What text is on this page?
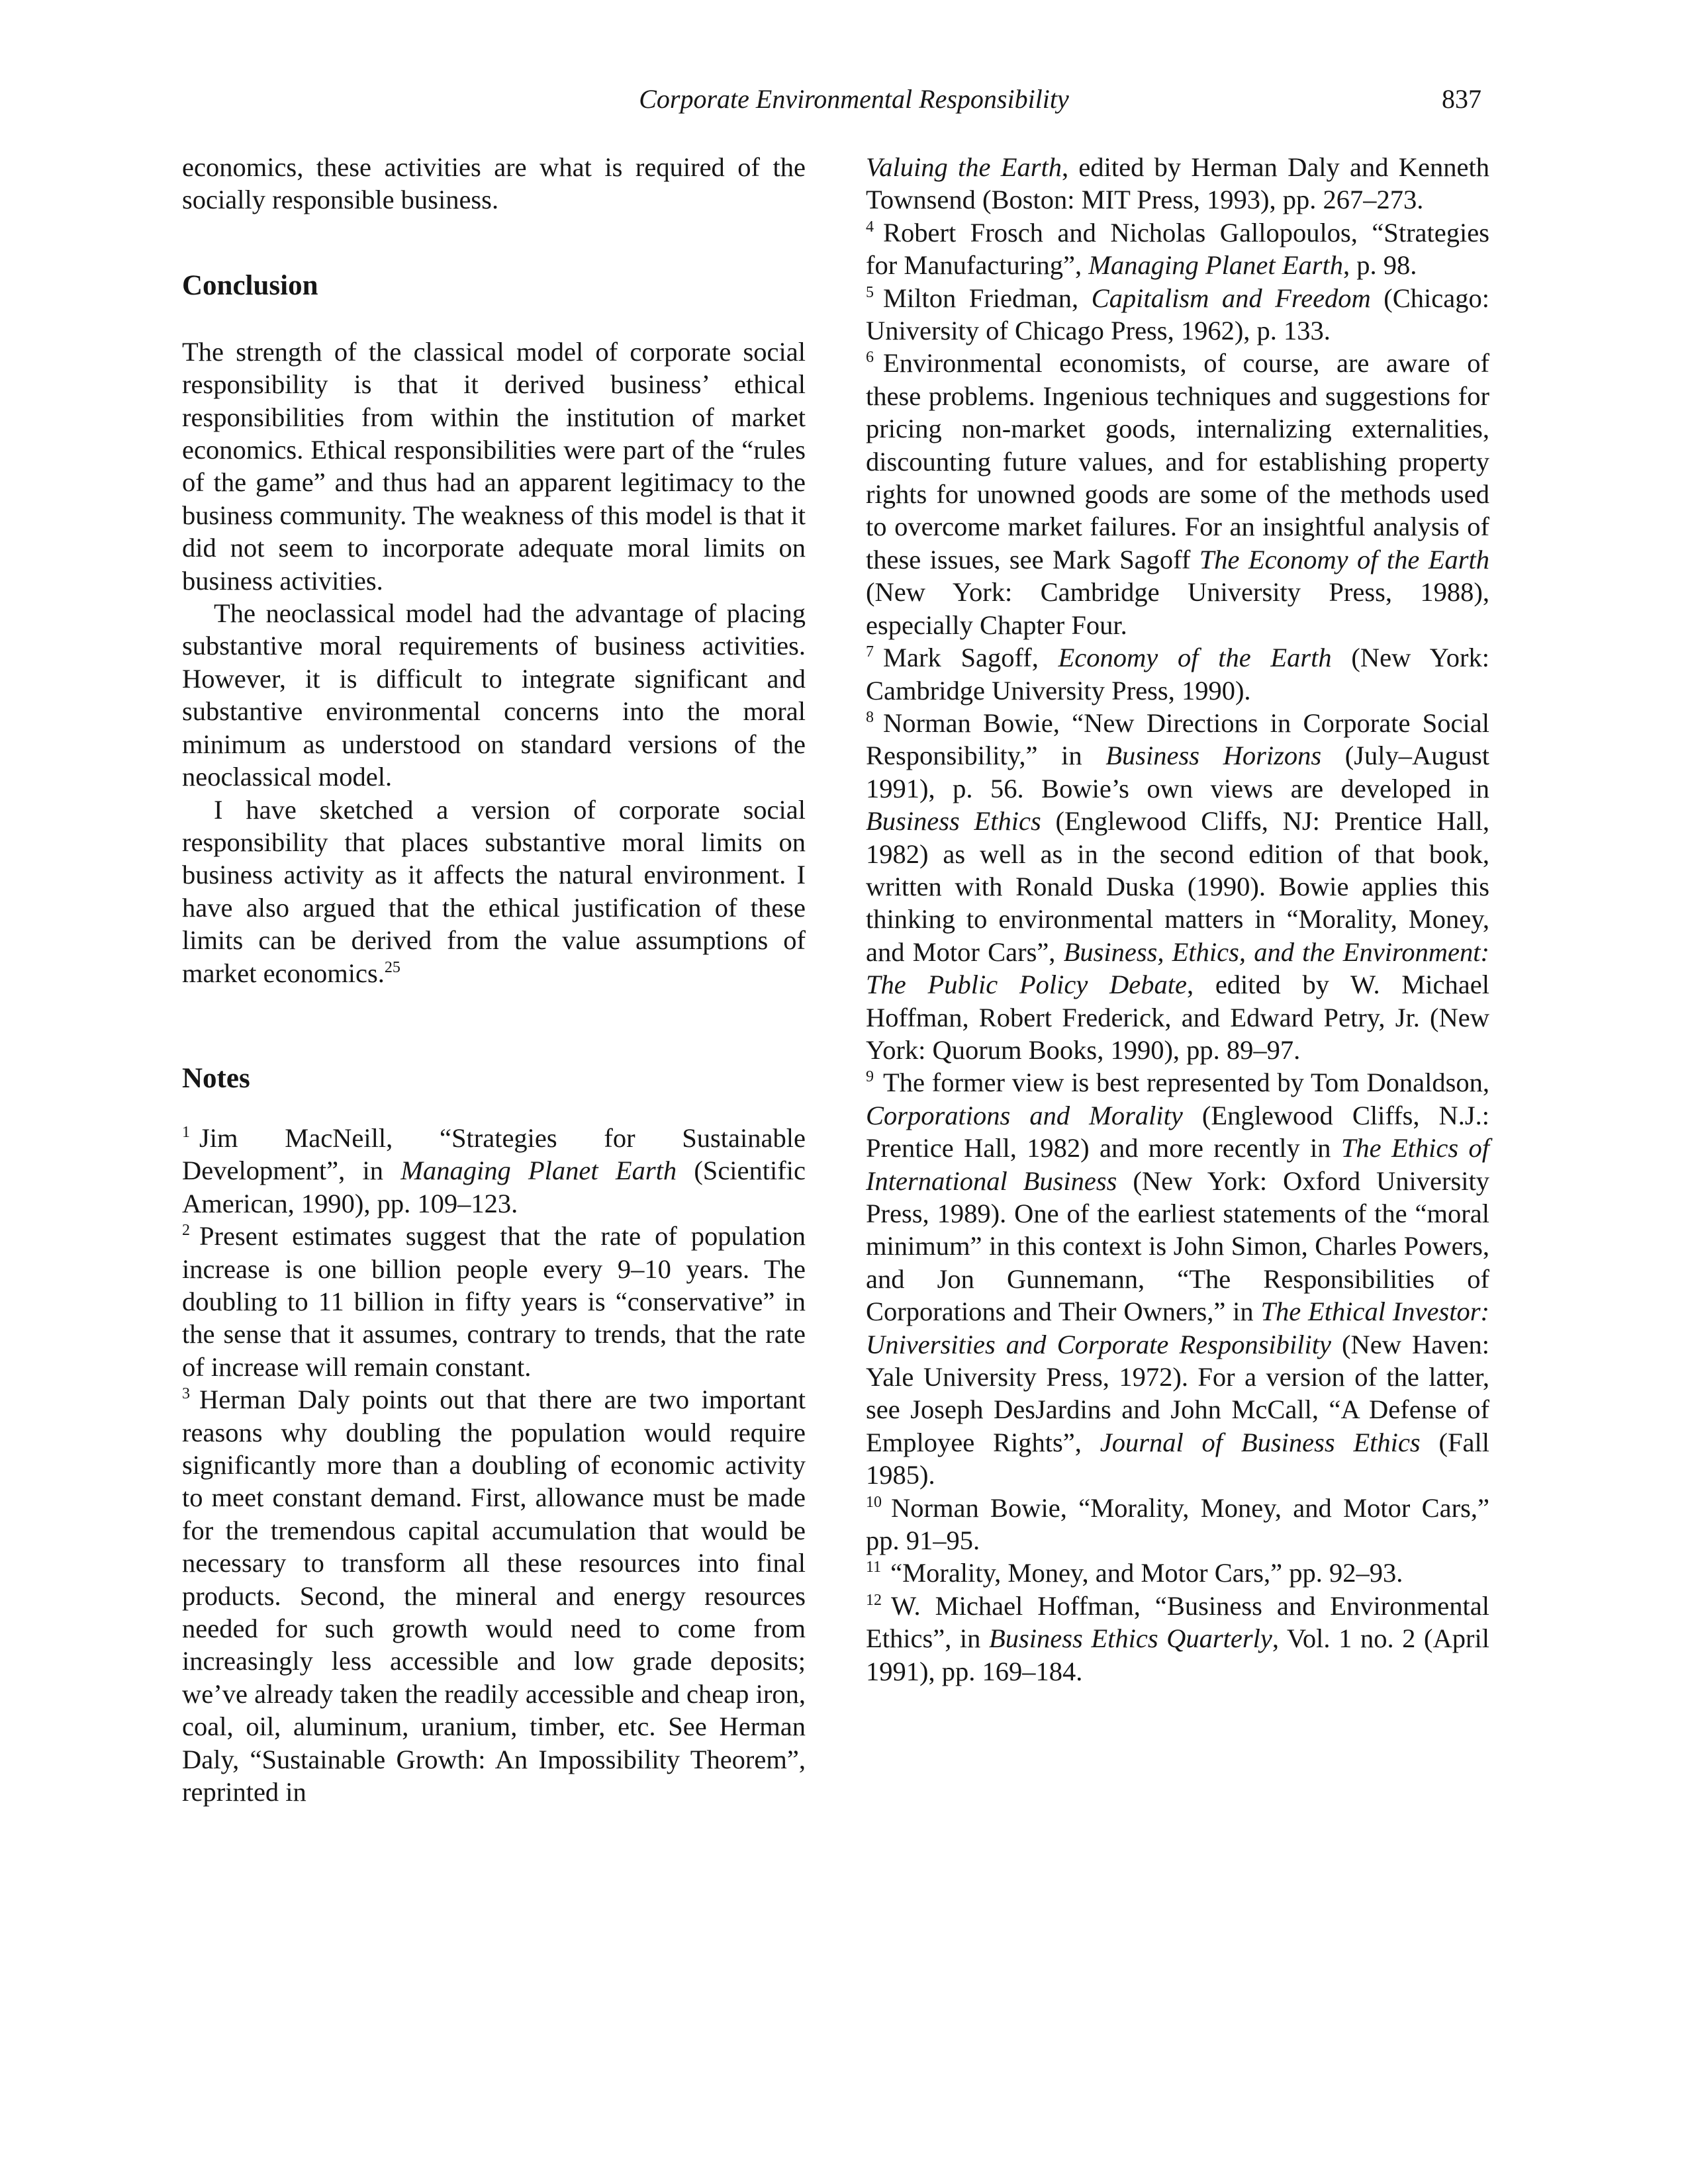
Corporate Environmental Responsibility	837

economics, these activities are what is required of the socially responsible business.

Conclusion

The strength of the classical model of corporate social responsibility is that it derived business’ ethical responsibilities from within the institution of market economics. Ethical responsibilities were part of the “rules of the game” and thus had an apparent legitimacy to the business community. The weakness of this model is that it did not seem to incorporate adequate moral limits on business activities.

The neoclassical model had the advantage of placing substantive moral requirements of business activities. However, it is difficult to integrate significant and substantive environmental concerns into the moral minimum as understood on standard versions of the neoclassical model.

I have sketched a version of corporate social responsibility that places substantive moral limits on business activity as it affects the natural environment. I have also argued that the ethical justification of these limits can be derived from the value assumptions of market economics.$^{25}$

Notes

$^1$ Jim MacNeill, “Strategies for Sustainable Development”, in Managing Planet Earth (Scientific American, 1990), pp. 109–123.

$^2$ Present estimates suggest that the rate of population increase is one billion people every 9–10 years. The doubling to 11 billion in fifty years is “conservative” in the sense that it assumes, contrary to trends, that the rate of increase will remain constant.

$^3$ Herman Daly points out that there are two important reasons why doubling the population would require significantly more than a doubling of economic activity to meet constant demand. First, allowance must be made for the tremendous capital accumulation that would be necessary to transform all these resources into final products. Second, the mineral and energy resources needed for such growth would need to come from increasingly less accessible and low grade deposits; we’ve already taken the readily accessible and cheap iron, coal, oil, aluminum, uranium, timber, etc. See Herman Daly, “Sustainable Growth: An Impossibility Theorem”, reprinted in

Valuing the Earth, edited by Herman Daly and Kenneth Townsend (Boston: MIT Press, 1993), pp. 267–273.

$^4$ Robert Frosch and Nicholas Gallopoulos, “Strategies for Manufacturing”, Managing Planet Earth, p. 98.

$^5$ Milton Friedman, Capitalism and Freedom (Chicago: University of Chicago Press, 1962), p. 133.

$^6$ Environmental economists, of course, are aware of these problems. Ingenious techniques and suggestions for pricing non-market goods, internalizing externalities, discounting future values, and for establishing property rights for unowned goods are some of the methods used to overcome market failures. For an insightful analysis of these issues, see Mark Sagoff The Economy of the Earth (New York: Cambridge University Press, 1988), especially Chapter Four.

$^7$ Mark Sagoff, Economy of the Earth (New York: Cambridge University Press, 1990).

$^8$ Norman Bowie, “New Directions in Corporate Social Responsibility,” in Business Horizons (July–August 1991), p. 56. Bowie’s own views are developed in Business Ethics (Englewood Cliffs, NJ: Prentice Hall, 1982) as well as in the second edition of that book, written with Ronald Duska (1990). Bowie applies this thinking to environmental matters in “Morality, Money, and Motor Cars”, Business, Ethics, and the Environment: The Public Policy Debate, edited by W. Michael Hoffman, Robert Frederick, and Edward Petry, Jr. (New York: Quorum Books, 1990), pp. 89–97.

$^9$ The former view is best represented by Tom Donaldson, Corporations and Morality (Englewood Cliffs, N.J.: Prentice Hall, 1982) and more recently in The Ethics of International Business (New York: Oxford University Press, 1989). One of the earliest statements of the “moral minimum” in this context is John Simon, Charles Powers, and Jon Gunnemann, “The Responsibilities of Corporations and Their Owners,” in The Ethical Investor: Universities and Corporate Responsibility (New Haven: Yale University Press, 1972). For a version of the latter, see Joseph DesJardins and John McCall, “A Defense of Employee Rights”, Journal of Business Ethics (Fall 1985).

$^{10}$ Norman Bowie, “Morality, Money, and Motor Cars,” pp. 91–95.

$^{11}$ “Morality, Money, and Motor Cars,” pp. 92–93.

$^{12}$ W. Michael Hoffman, “Business and Environmental Ethics”, in Business Ethics Quarterly, Vol. 1 no. 2 (April 1991), pp. 169–184.
